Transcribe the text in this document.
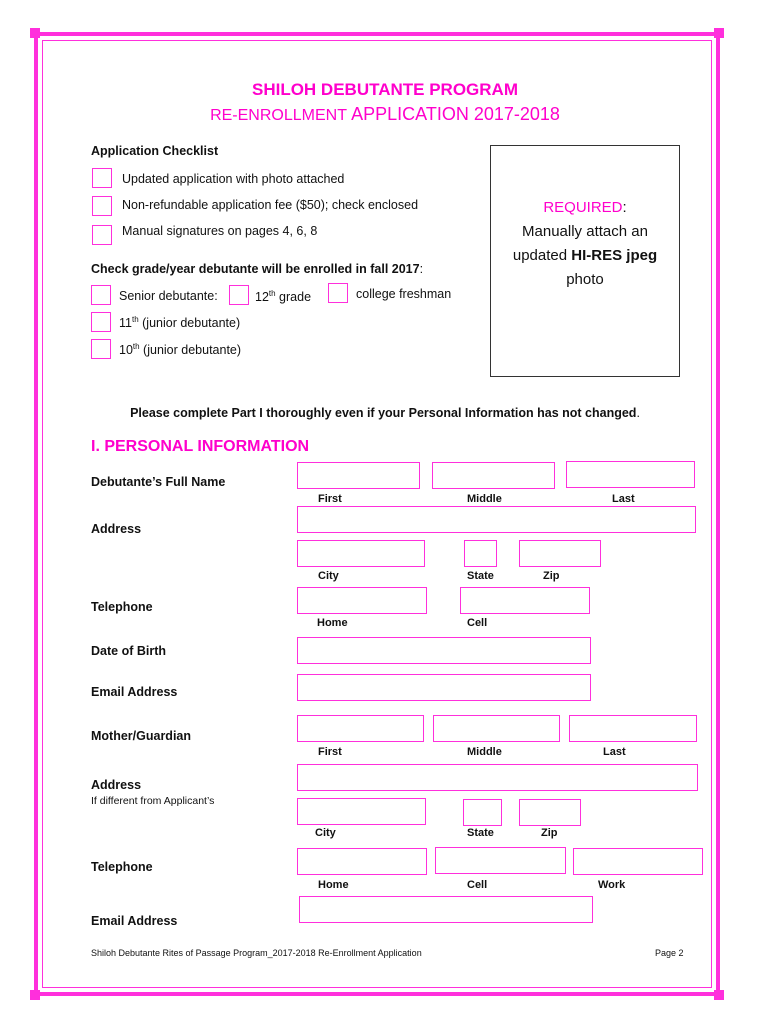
SHILOH DEBUTANTE PROGRAM
RE-ENROLLMENT APPLICATION 2017-2018
Application Checklist
Updated application with photo attached
Non-refundable application fee ($50); check enclosed
Manual signatures on pages 4, 6, 8
Check grade/year debutante will be enrolled in fall 2017:
Senior debutante:	12th grade	college freshman
11th (junior debutante)
10th (junior debutante)
REQUIRED:
Manually attach an
updated HI-RES jpeg
photo
Please complete Part I thoroughly even if your Personal Information has not changed.
I. PERSONAL INFORMATION
Debutante’s Full Name
First	Middle	Last
Address
City	State	Zip
Telephone
Home	Cell
Date of Birth
Email Address
Mother/Guardian
First	Middle	Last
Address
If different from Applicant’s
City	State	Zip
Telephone
Home	Cell	Work
Email Address
Shiloh Debutante Rites of Passage Program_2017-2018 Re-Enrollment Application	Page 2
